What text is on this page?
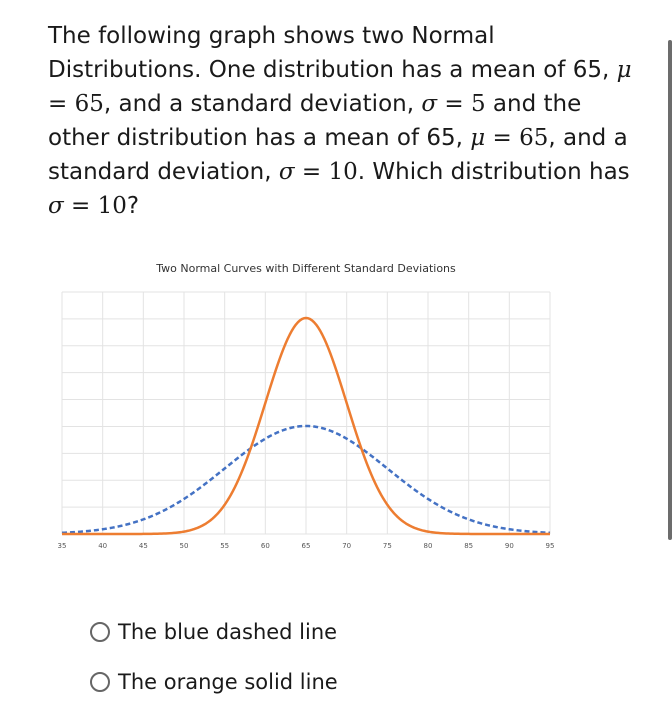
The following graph shows two Normal Distributions. One distribution has a mean of 65, μ = 65, and a standard deviation, σ = 5 and the other distribution has a mean of 65, μ = 65, and a standard deviation, σ = 10. Which distribution has σ = 10?

Two Normal Curves with Different Standard Deviations
35	40	45	50	55	60	65	70	75	80	85	90	95
The blue dashed line
The orange solid line
